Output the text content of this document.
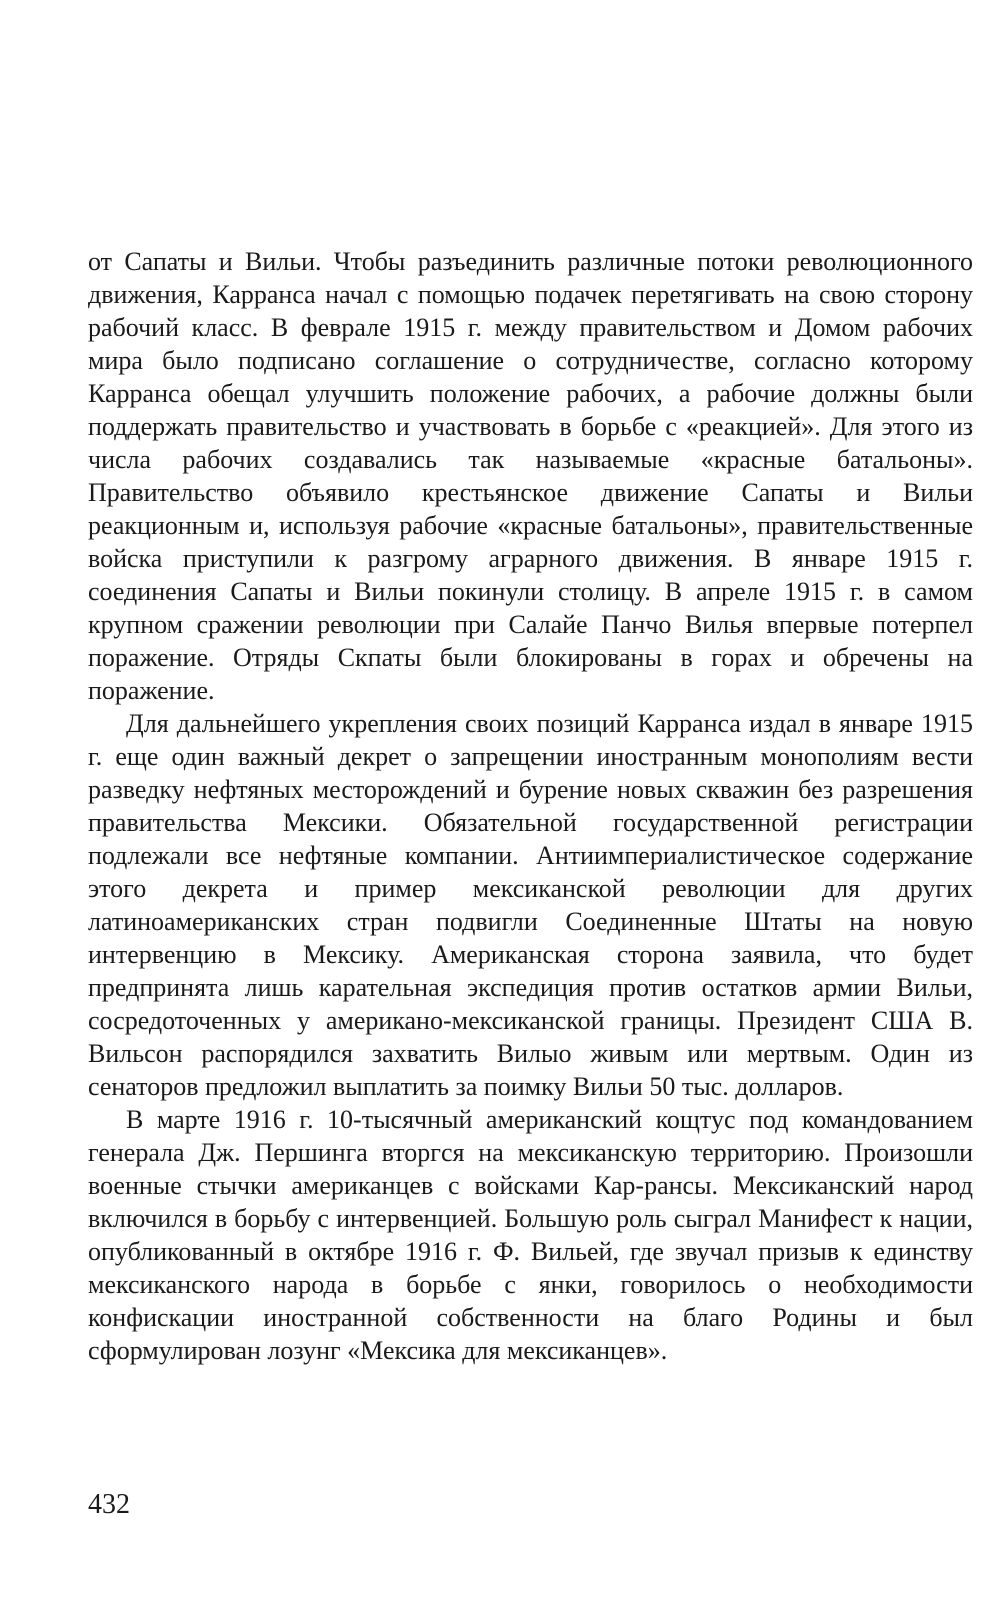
от Сапаты и Вильи. Чтобы разъединить различные потоки революционного движения, Карранса начал с помощью подачек перетягивать на свою сторону рабочий класс. В феврале 1915 г. между правительством и Домом рабочих мира было подписано соглашение о сотрудничестве, согласно которому Карранса обещал улучшить положение рабочих, а рабочие должны были поддержать правительство и участвовать в борьбе с «реакцией». Для этого из числа рабочих создавались так называемые «красные батальоны». Правительство объявило крестьянское движение Сапаты и Вильи реакционным и, используя рабочие «красные батальоны», правительственные войска приступили к разгрому аграрного движения. В январе 1915 г. соединения Сапаты и Вильи покинули столицу. В апреле 1915 г. в самом крупном сражении революции при Салайе Панчо Вилья впервые потерпел поражение. Отряды Скпаты были блокированы в горах и обречены на поражение.

Для дальнейшего укрепления своих позиций Карранса издал в январе 1915 г. еще один важный декрет о запрещении иностранным монополиям вести разведку нефтяных месторождений и бурение новых скважин без разрешения правительства Мексики. Обязательной государственной регистрации подлежали все нефтяные компании. Антиимпериалистическое содержание этого декрета и пример мексиканской революции для других латиноамериканских стран подвигли Соединенные Штаты на новую интервенцию в Мексику. Американская сторона заявила, что будет предпринята лишь карательная экспедиция против остатков армии Вильи, сосредоточенных у американо-мексиканской границы. Президент США В. Вильсон распорядился захватить Вилыо живым или мертвым. Один из сенаторов предложил выплатить за поимку Вильи 50 тыс. долларов.

В марте 1916 г. 10-тысячный американский кощтус под командованием генерала Дж. Першинга вторгся на мексиканскую территорию. Произошли военные стычки американцев с войсками Кар-рансы. Мексиканский народ включился в борьбу с интервенцией. Большую роль сыграл Манифест к нации, опубликованный в октябре 1916 г. Ф. Вильей, где звучал призыв к единству мексиканского народа в борьбе с янки, говорилось о необходимости конфискации иностранной собственности на благо Родины и был сформулирован лозунг «Мексика для мексиканцев».

432
